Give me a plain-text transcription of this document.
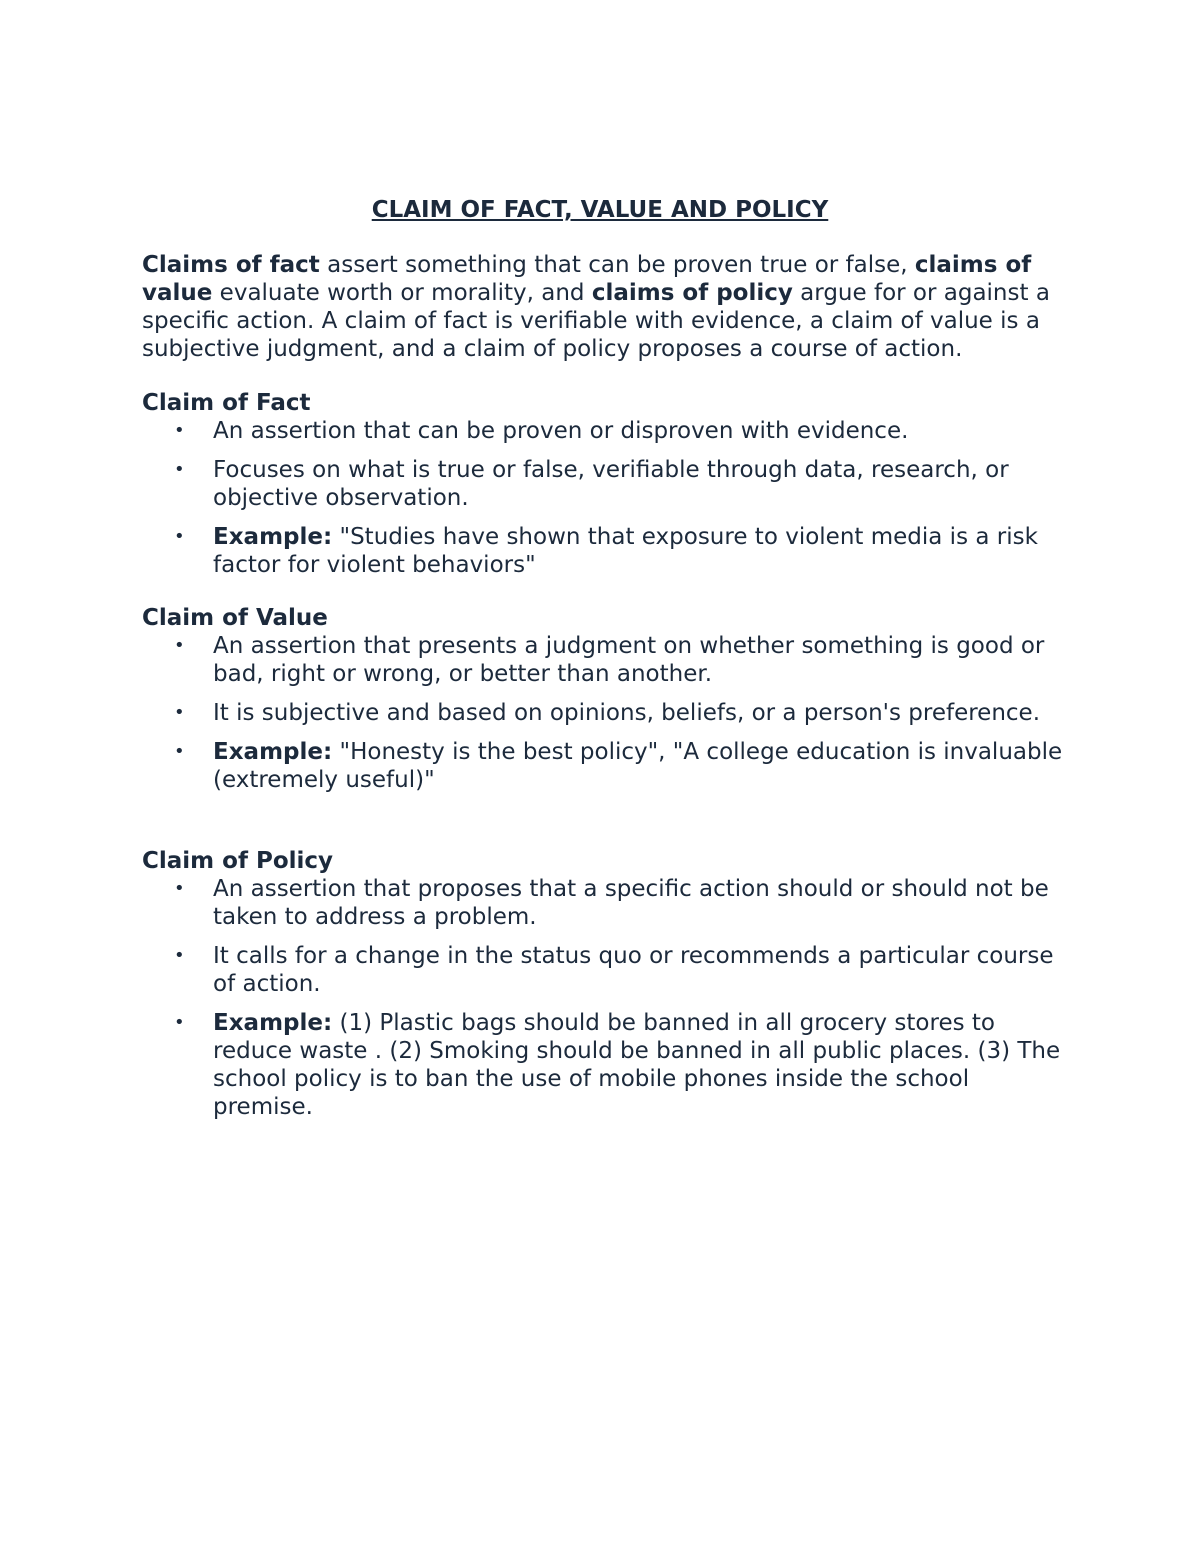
CLAIM OF FACT, VALUE AND POLICY

Claims of fact assert something that can be proven true or false, claims of value evaluate worth or morality, and claims of policy argue for or against a specific action. A claim of fact is verifiable with evidence, a claim of value is a subjective judgment, and a claim of policy proposes a course of action.

Claim of Fact
• An assertion that can be proven or disproven with evidence.
• Focuses on what is true or false, verifiable through data, research, or objective observation.
• Example: "Studies have shown that exposure to violent media is a risk factor for violent behaviors"
Claim of Value
• An assertion that presents a judgment on whether something is good or bad, right or wrong, or better than another.
• It is subjective and based on opinions, beliefs, or a person's preference.
• Example: "Honesty is the best policy", "A college education is invaluable (extremely useful)"
Claim of Policy
• An assertion that proposes that a specific action should or should not be taken to address a problem.
• It calls for a change in the status quo or recommends a particular course of action.
• Example: (1) Plastic bags should be banned in all grocery stores to reduce waste . (2) Smoking should be banned in all public places. (3) The school policy is to ban the use of mobile phones inside the school premise.
